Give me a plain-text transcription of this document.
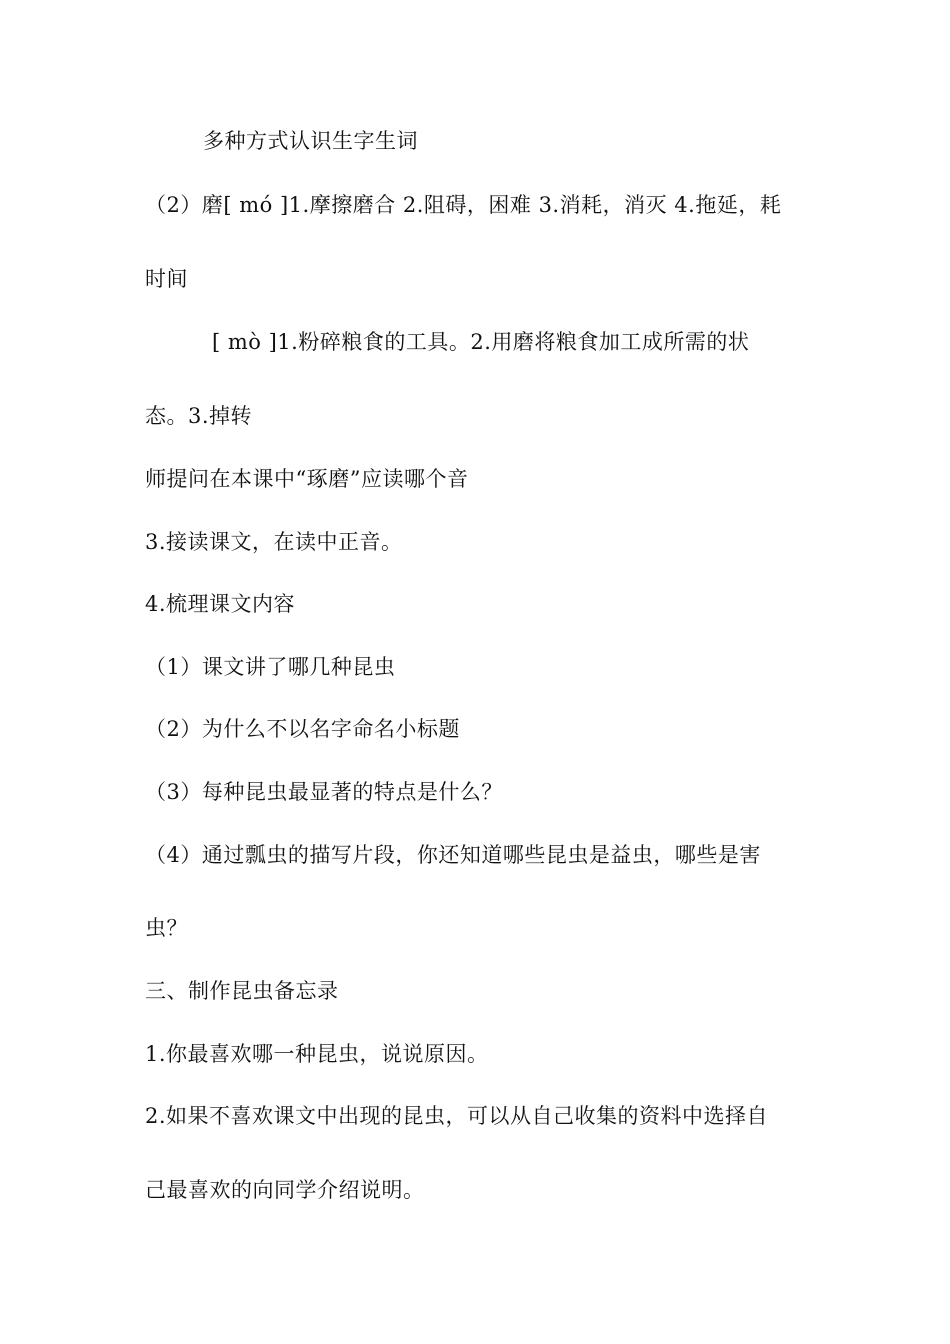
多种方式认识生字生词
（2）磨[ mó ]1.摩擦磨合 2.阻碍，困难 3.消耗，消灭 4.拖延，耗
时间
[ mò ]1.粉碎粮食的工具。2.用磨将粮食加工成所需的状
态。3.掉转
师提问在本课中“琢磨”应读哪个音
3.接读课文，在读中正音。
4.梳理课文内容
（1）课文讲了哪几种昆虫
（2）为什么不以名字命名小标题
（3）每种昆虫最显著的特点是什么？
（4）通过瓢虫的描写片段，你还知道哪些昆虫是益虫，哪些是害
虫？
三、制作昆虫备忘录
1.你最喜欢哪一种昆虫，说说原因。
2.如果不喜欢课文中出现的昆虫，可以从自己收集的资料中选择自
己最喜欢的向同学介绍说明。
